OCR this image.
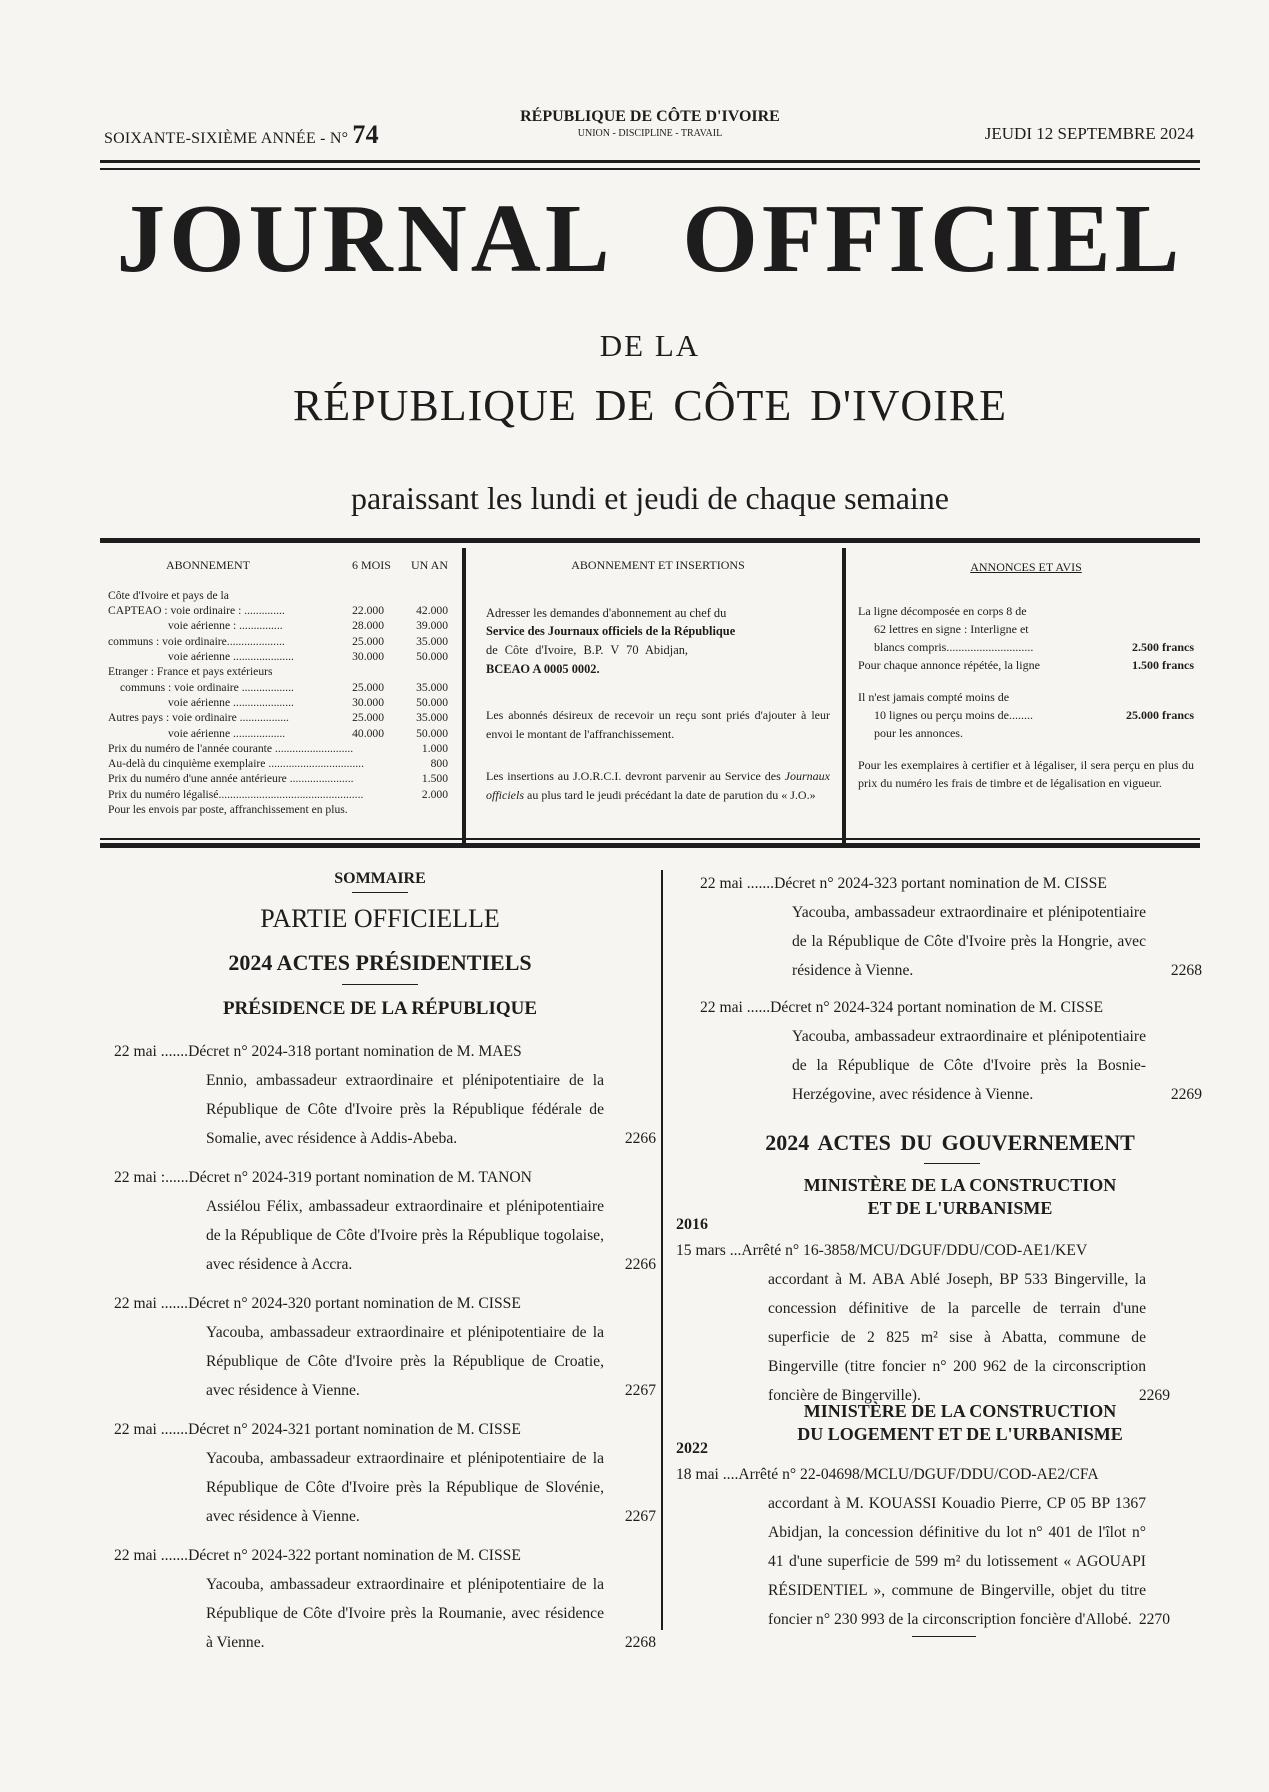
SOIXANTE-SIXIÈME ANNÉE - N° 74
RÉPUBLIQUE DE CÔTE D'IVOIRE
UNION - DISCIPLINE - TRAVAIL	JEUDI 12 SEPTEMBRE 2024
JOURNAL OFFICIEL
DE LA
RÉPUBLIQUE DE CÔTE D'IVOIRE
paraissant les lundi et jeudi de chaque semaine
ABONNEMENT	6 MOIS UN AN
Côte d'Ivoire et pays de la		
CAPTEAO : voie ordinaire : ..............	22.000	42.000
voie aérienne : ...............	28.000	39.000
communs : voie ordinaire....................	25.000	35.000
voie aérienne .....................	30.000	50.000
Etranger : France et pays extérieurs		
communs : voie ordinaire ..................	25.000	35.000
voie aérienne .....................	30.000	50.000
Autres pays : voie ordinaire .................	25.000	35.000
voie aérienne ..................	40.000	50.000
Prix du numéro de l'année courante ...........................	1.000
Au-delà du cinquième exemplaire .................................	800
Prix du numéro d'une année antérieure ......................	1.500
Prix du numéro légalisé..................................................	2.000
Pour les envois par poste, affranchissement en plus.
ABONNEMENT ET INSERTIONS
Adresser les demandes d'abonnement au chef du
Service des Journaux officiels de la République
de Côte d'Ivoire, B.P. V 70 Abidjan,
BCEAO A 0005 0002.
Les abonnés désireux de recevoir un reçu sont priés d'ajouter à leur envoi le montant de l'affranchissement.
Les insertions au J.O.R.C.I. devront parvenir au Service des Journaux officiels au plus tard le jeudi précédant la date de parution du « J.O.»
ANNONCES ET AVIS
La ligne décomposée en corps 8 de
62 lettres en signe : Interligne et
blancs compris.............................	2.500 francs
Pour chaque annonce répétée, la ligne	1.500 francs
Il n'est jamais compté moins de
10 lignes ou perçu moins de........	25.000 francs
pour les annonces.

Pour les exemplaires à certifier et à légaliser, il sera perçu en plus du prix du numéro les frais de timbre et de légalisation en vigueur.

SOMMAIRE
PARTIE OFFICIELLE
2024 ACTES PRÉSIDENTIELS
PRÉSIDENCE DE LA RÉPUBLIQUE
22 mai .......Décret n° 2024-318 portant nomination de M. MAES
Ennio, ambassadeur extraordinaire et plénipotentiaire de la République de Côte d'Ivoire près la République fédérale de Somalie, avec résidence à Addis-Abeba.	2266
22 mai :......Décret n° 2024-319 portant nomination de M. TANON
Assiélou Félix, ambassadeur extraordinaire et plénipotentiaire de la République de Côte d'Ivoire près la République togolaise, avec résidence à Accra.	2266
22 mai .......Décret n° 2024-320 portant nomination de M. CISSE
Yacouba, ambassadeur extraordinaire et plénipotentiaire de la République de Côte d'Ivoire près la République de Croatie, avec résidence à Vienne.	2267
22 mai .......Décret n° 2024-321 portant nomination de M. CISSE
Yacouba, ambassadeur extraordinaire et plénipotentiaire de la République de Côte d'Ivoire près la République de Slovénie, avec résidence à Vienne.	2267
22 mai .......Décret n° 2024-322 portant nomination de M. CISSE
Yacouba, ambassadeur extraordinaire et plénipotentiaire de la République de Côte d'Ivoire près la Roumanie, avec résidence à Vienne.	2268
22 mai .......Décret n° 2024-323 portant nomination de M. CISSE
Yacouba, ambassadeur extraordinaire et plénipotentiaire de la République de Côte d'Ivoire près la Hongrie, avec résidence à Vienne.	2268
22 mai ......Décret n° 2024-324 portant nomination de M. CISSE
Yacouba, ambassadeur extraordinaire et plénipotentiaire de la République de Côte d'Ivoire près la Bosnie-Herzégovine, avec résidence à Vienne.	2269
2024 ACTES DU GOUVERNEMENT
MINISTÈRE DE LA CONSTRUCTION
ET DE L'URBANISME
2016
15 mars ...Arrêté n° 16-3858/MCU/DGUF/DDU/COD-AE1/KEV
accordant à M. ABA Ablé Joseph, BP 533 Bingerville, la concession définitive de la parcelle de terrain d'une superficie de 2 825 m² sise à Abatta, commune de Bingerville (titre foncier n° 200 962 de la circonscription foncière de Bingerville).	2269
MINISTÈRE DE LA CONSTRUCTION
DU LOGEMENT ET DE L'URBANISME
2022
18 mai ....Arrêté n° 22-04698/MCLU/DGUF/DDU/COD-AE2/CFA
accordant à M. KOUASSI Kouadio Pierre, CP 05 BP 1367 Abidjan, la concession définitive du lot n° 401 de l'îlot n° 41 d'une superficie de 599 m² du lotissement « AGOUAPI RÉSIDENTIEL », commune de Bingerville, objet du titre foncier n° 230 993 de la circonscription foncière d'Allobé. 2270
